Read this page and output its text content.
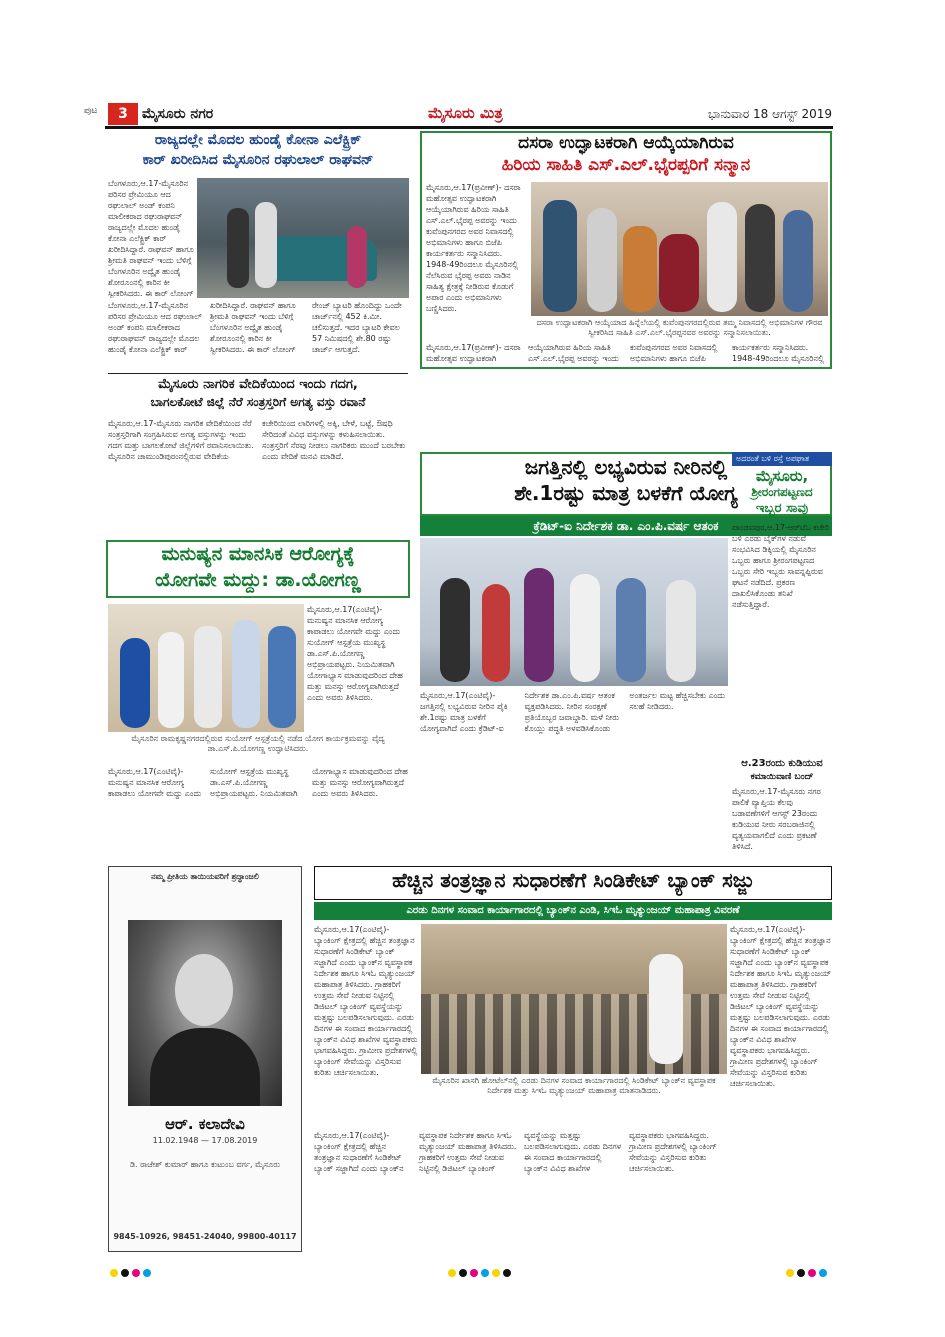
3
ಪುಟ	ಮೈಸೂರು ನಗರ	ಮೈಸೂರು ಮಿತ್ರ	ಭಾನುವಾರ 18 ಆಗಸ್ಟ್ 2019
ರಾಜ್ಯದಲ್ಲೇ ಮೊದಲ ಹುಂಡೈ ಕೋನಾ ಎಲೆಕ್ಟ್ರಿಕ್
ಕಾರ್ ಖರೀದಿಸಿದ ಮೈಸೂರಿನ ರಘುಲಾಲ್ ರಾಘವನ್
ಬೆಂಗಳೂರು,ಆ.17-ಮೈಸೂರಿನ ಪರಿಸರ ಪ್ರೇಮಿಯೂ ಆದ ರಘುಲಾಲ್ ಅಂಡ್ ಕಂಪನಿ ಮಾಲೀಕರಾದ ರಘುರಾಘವನ್ ರಾಜ್ಯದಲ್ಲೇ ಮೊದಲ ಹುಂಡೈ ಕೋನಾ ಎಲೆಕ್ಟ್ರಿಕ್ ಕಾರ್ ಖರೀದಿಸಿದ್ದಾರೆ. ರಾಘವನ್ ಹಾಗೂ ಶ್ರೀಮತಿ ರಾಘವನ್ ಇಂದು ಬೆಳಿಗ್ಗೆ ಬೆಂಗಳೂರಿನ ಅದ್ವೈತ ಹುಂಡೈ ಶೋರೂಂನಲ್ಲಿ ಕಾರಿನ ಕೀ ಸ್ವೀಕರಿಸಿದರು. ಈ ಕಾರ್ ಲೋಂಗ್
ಬೆಂಗಳೂರು,ಆ.17-ಮೈಸೂರಿನ ಪರಿಸರ ಪ್ರೇಮಿಯೂ ಆದ ರಘುಲಾಲ್ ಅಂಡ್ ಕಂಪನಿ ಮಾಲೀಕರಾದ ರಘುರಾಘವನ್ ರಾಜ್ಯದಲ್ಲೇ ಮೊದಲ ಹುಂಡೈ ಕೋನಾ ಎಲೆಕ್ಟ್ರಿಕ್ ಕಾರ್ ಖರೀದಿಸಿದ್ದಾರೆ. ರಾಘವನ್ ಹಾಗೂ ಶ್ರೀಮತಿ ರಾಘವನ್ ಇಂದು ಬೆಳಿಗ್ಗೆ ಬೆಂಗಳೂರಿನ ಅದ್ವೈತ ಹುಂಡೈ ಶೋರೂಂನಲ್ಲಿ ಕಾರಿನ ಕೀ ಸ್ವೀಕರಿಸಿದರು. ಈ ಕಾರ್ ಲೋಂಗ್ ರೇಂಜ್ ಬ್ಯಾಟರಿ ಹೊಂದಿದ್ದು ಒಂದೇ ಚಾರ್ಜ್‌ನಲ್ಲಿ 452 ಕಿ.ಮೀ. ಚಲಿಸುತ್ತದೆ. ಇದರ ಬ್ಯಾಟರಿ ಕೇವಲ 57 ನಿಮಿಷದಲ್ಲಿ ಶೇ.80 ರಷ್ಟು ಚಾರ್ಜ್ ಆಗುತ್ತದೆ.
ದಸರಾ ಉದ್ಘಾಟಕರಾಗಿ ಆಯ್ಕೆಯಾಗಿರುವ
ಹಿರಿಯ ಸಾಹಿತಿ ಎಸ್.ಎಲ್.ಭೈರಪ್ಪರಿಗೆ ಸನ್ಮಾನ
ಮೈಸೂರು,ಆ.17(ಪ್ರವೀಣ್)- ದಸರಾ ಮಹೋತ್ಸವ ಉದ್ಘಾಟಕರಾಗಿ ಆಯ್ಕೆಯಾಗಿರುವ ಹಿರಿಯ ಸಾಹಿತಿ ಎಸ್.ಎಲ್.ಭೈರಪ್ಪ ಅವರನ್ನು ಇಂದು ಕುವೆಂಪುನಗರದ ಅವರ ನಿವಾಸದಲ್ಲಿ ಅಭಿಮಾನಿಗಳು ಹಾಗೂ ಬಿಜೆಪಿ ಕಾರ್ಯಕರ್ತರು ಸನ್ಮಾನಿಸಿದರು. 1948-49ರಿಂದಲೂ ಮೈಸೂರಿನಲ್ಲಿ ನೆಲೆಸಿರುವ ಭೈರಪ್ಪ ಅವರು ನಾಡಿನ ಸಾಹಿತ್ಯ ಕ್ಷೇತ್ರಕ್ಕೆ ನೀಡಿರುವ ಕೊಡುಗೆ ಅಪಾರ ಎಂದು ಅಭಿಮಾನಿಗಳು ಬಣ್ಣಿಸಿದರು.
ದಸರಾ ಉದ್ಘಾಟಕರಾಗಿ ಆಯ್ಕೆಯಾದ ಹಿನ್ನೆಲೆಯಲ್ಲಿ ಕುವೆಂಪುನಗರದಲ್ಲಿರುವ ತಮ್ಮ ನಿವಾಸದಲ್ಲಿ ಅಭಿಮಾನಿಗಳ ಗೌರವ ಸ್ವೀಕರಿಸಿದ ಸಾಹಿತಿ ಎಸ್.ಎಲ್.ಭೈರಪ್ಪನವರ ಅವರನ್ನು ಸನ್ಮಾನಿಸಲಾಯಿತು.
ಮೈಸೂರು,ಆ.17(ಪ್ರವೀಣ್)- ದಸರಾ ಮಹೋತ್ಸವ ಉದ್ಘಾಟಕರಾಗಿ ಆಯ್ಕೆಯಾಗಿರುವ ಹಿರಿಯ ಸಾಹಿತಿ ಎಸ್.ಎಲ್.ಭೈರಪ್ಪ ಅವರನ್ನು ಇಂದು ಕುವೆಂಪುನಗರದ ಅವರ ನಿವಾಸದಲ್ಲಿ ಅಭಿಮಾನಿಗಳು ಹಾಗೂ ಬಿಜೆಪಿ ಕಾರ್ಯಕರ್ತರು ಸನ್ಮಾನಿಸಿದರು. 1948-49ರಿಂದಲೂ ಮೈಸೂರಿನಲ್ಲಿ
ಮೈಸೂರು ನಾಗರಿಕ ವೇದಿಕೆಯಿಂದ ಇಂದು ಗದಗ,
ಬಾಗಲಕೋಟೆ ಜಿಲ್ಲೆ ನೆರೆ ಸಂತ್ರಸ್ತರಿಗೆ ಅಗತ್ಯ ವಸ್ತು ರವಾನೆ
ಮೈಸೂರು,ಆ.17-ಮೈಸೂರು ನಾಗರಿಕ ವೇದಿಕೆಯಿಂದ ನೆರೆ ಸಂತ್ರಸ್ತರಿಗಾಗಿ ಸಂಗ್ರಹಿಸಿರುವ ಅಗತ್ಯ ವಸ್ತುಗಳನ್ನು ಇಂದು ಗದಗ ಮತ್ತು ಬಾಗಲಕೋಟೆ ಜಿಲ್ಲೆಗಳಿಗೆ ರವಾನಿಸಲಾಯಿತು. ಮೈಸೂರಿನ ಚಾಮುಂಡಿಪುರಂನಲ್ಲಿರುವ ವೇದಿಕೆಯ ಕಚೇರಿಯಿಂದ ಲಾರಿಗಳಲ್ಲಿ ಅಕ್ಕಿ, ಬೇಳೆ, ಬಟ್ಟೆ, ಔಷಧಿ ಸೇರಿದಂತೆ ವಿವಿಧ ವಸ್ತುಗಳನ್ನು ಕಳುಹಿಸಲಾಯಿತು. ಸಂತ್ರಸ್ತರಿಗೆ ನೆರವು ನೀಡಲು ನಾಗರಿಕರು ಮುಂದೆ ಬರಬೇಕು ಎಂದು ವೇದಿಕೆ ಮನವಿ ಮಾಡಿದೆ.
ಮನುಷ್ಯನ ಮಾನಸಿಕ ಆರೋಗ್ಯಕ್ಕೆ
ಯೋಗವೇ ಮದ್ದು: ಡಾ.ಯೋಗಣ್ಣ
ಮೈಸೂರು,ಆ.17(ಎಂಟಿವೈ)- ಮನುಷ್ಯನ ಮಾನಸಿಕ ಆರೋಗ್ಯ ಕಾಪಾಡಲು ಯೋಗವೇ ಮದ್ದು ಎಂದು ಸುಯೋಗ್ ಆಸ್ಪತ್ರೆಯ ಮುಖ್ಯಸ್ಥ ಡಾ.ಎಸ್.ಪಿ.ಯೋಗಣ್ಣ ಅಭಿಪ್ರಾಯಪಟ್ಟರು. ನಿಯಮಿತವಾಗಿ ಯೋಗಾಭ್ಯಾಸ ಮಾಡುವುದರಿಂದ ದೇಹ ಮತ್ತು ಮನಸ್ಸು ಆರೋಗ್ಯವಾಗಿರುತ್ತದೆ ಎಂದು ಅವರು ತಿಳಿಸಿದರು.
ಮೈಸೂರಿನ ರಾಮಕೃಷ್ಣನಗರದಲ್ಲಿರುವ ಸುಯೋಗ್ ಆಸ್ಪತ್ರೆಯಲ್ಲಿ ನಡೆದ ಯೋಗ ಕಾರ್ಯಕ್ರಮವನ್ನು ವೈದ್ಯ ಡಾ.ಎಸ್.ಪಿ.ಯೋಗಣ್ಣ ಉದ್ಘಾಟಿಸಿದರು.
ಮೈಸೂರು,ಆ.17(ಎಂಟಿವೈ)- ಮನುಷ್ಯನ ಮಾನಸಿಕ ಆರೋಗ್ಯ ಕಾಪಾಡಲು ಯೋಗವೇ ಮದ್ದು ಎಂದು ಸುಯೋಗ್ ಆಸ್ಪತ್ರೆಯ ಮುಖ್ಯಸ್ಥ ಡಾ.ಎಸ್.ಪಿ.ಯೋಗಣ್ಣ ಅಭಿಪ್ರಾಯಪಟ್ಟರು. ನಿಯಮಿತವಾಗಿ ಯೋಗಾಭ್ಯಾಸ ಮಾಡುವುದರಿಂದ ದೇಹ ಮತ್ತು ಮನಸ್ಸು ಆರೋಗ್ಯವಾಗಿರುತ್ತದೆ ಎಂದು ಅವರು ತಿಳಿಸಿದರು.
ಜಗತ್ತಿನಲ್ಲಿ ಲಭ್ಯವಿರುವ ನೀರಿನಲ್ಲಿ
ಶೇ.1ರಷ್ಟು ಮಾತ್ರ ಬಳಕೆಗೆ ಯೋಗ್ಯ
ಕ್ರೆಡಿಟ್-ಐ ನಿರ್ದೇಶಕ ಡಾ. ಎಂ.ಪಿ.ವರ್ಷ ಆತಂಕ
ಮೈಸೂರು,ಆ.17(ಎಂಟಿವೈ)-ಜಗತ್ತಿನಲ್ಲಿ ಲಭ್ಯವಿರುವ ನೀರಿನ ಪೈಕಿ ಶೇ.1ರಷ್ಟು ಮಾತ್ರ ಬಳಕೆಗೆ ಯೋಗ್ಯವಾಗಿದೆ ಎಂದು ಕ್ರೆಡಿಟ್-ಐ ನಿರ್ದೇಶಕ ಡಾ.ಎಂ.ಪಿ.ವರ್ಷ ಆತಂಕ ವ್ಯಕ್ತಪಡಿಸಿದರು. ನೀರಿನ ಸಂರಕ್ಷಣೆ ಪ್ರತಿಯೊಬ್ಬರ ಜವಾಬ್ದಾರಿ. ಮಳೆ ನೀರು ಕೊಯ್ಲು ಪದ್ಧತಿ ಅಳವಡಿಸಿಕೊಂಡು ಅಂತರ್ಜಲ ಮಟ್ಟ ಹೆಚ್ಚಿಸಬೇಕು ಎಂದು ಸಲಹೆ ನೀಡಿದರು.
ಅದರಂತೆ ಬಳಿ ರಸ್ತೆ ಅಪಘಾತ
ಮೈಸೂರು,
ಶ್ರೀರಂಗಪಟ್ಟಣದ
ಇಬ್ಬರ ಸಾವು
ಪಾಂಡವಪುರ,ಆ.17-ಆರ್‌ಟಿಓ ಕಚೇರಿ ಬಳಿ ಎರಡು ಬೈಕ್‌ಗಳ ನಡುವೆ ಸಂಭವಿಸಿದ ಡಿಕ್ಕಿಯಲ್ಲಿ ಮೈಸೂರಿನ ಒಬ್ಬರು ಹಾಗೂ ಶ್ರೀರಂಗಪಟ್ಟಣದ ಒಬ್ಬರು ಸೇರಿ ಇಬ್ಬರು ಸಾವನ್ನಪ್ಪಿರುವ ಘಟನೆ ನಡೆದಿದೆ. ಪ್ರಕರಣ ದಾಖಲಿಸಿಕೊಂಡು ತನಿಖೆ ನಡೆಸುತ್ತಿದ್ದಾರೆ.
ಆ.23ರಂದು ಕುಡಿಯುವ
ಕಮಾಯಿವಾಣಿ ಬಂದ್
ಮೈಸೂರು,ಆ.17-ಮೈಸೂರು ನಗರ ಪಾಲಿಕೆ ವ್ಯಾಪ್ತಿಯ ಕೆಲವು ಬಡಾವಣೆಗಳಿಗೆ ಆಗಸ್ಟ್ 23ರಂದು ಕುಡಿಯುವ ನೀರು ಸರಬರಾಜಿನಲ್ಲಿ ವ್ಯತ್ಯಯವಾಗಲಿದೆ ಎಂದು ಪ್ರಕಟಣೆ ತಿಳಿಸಿದೆ.
ಹೆಚ್ಚಿನ ತಂತ್ರಜ್ಞಾನ ಸುಧಾರಣೆಗೆ ಸಿಂಡಿಕೇಟ್ ಬ್ಯಾಂಕ್ ಸಜ್ಜು
ಎರಡು ದಿನಗಳ ಸಂವಾದ ಕಾರ್ಯಾಗಾರದಲ್ಲಿ ಬ್ಯಾಂಕ್‌ನ ಎಂಡಿ, ಸಿಇಓ ಮೃತ್ಯುಂಜಯ್ ಮಹಾಪಾತ್ರ ವಿವರಣೆ
ಮೈಸೂರು,ಆ.17(ಎಂಟಿವೈ)- ಬ್ಯಾಂಕಿಂಗ್ ಕ್ಷೇತ್ರದಲ್ಲಿ ಹೆಚ್ಚಿನ ತಂತ್ರಜ್ಞಾನ ಸುಧಾರಣೆಗೆ ಸಿಂಡಿಕೇಟ್ ಬ್ಯಾಂಕ್ ಸಜ್ಜಾಗಿದೆ ಎಂದು ಬ್ಯಾಂಕ್‌ನ ವ್ಯವಸ್ಥಾಪಕ ನಿರ್ದೇಶಕ ಹಾಗೂ ಸಿಇಓ ಮೃತ್ಯುಂಜಯ್ ಮಹಾಪಾತ್ರ ತಿಳಿಸಿದರು. ಗ್ರಾಹಕರಿಗೆ ಉತ್ತಮ ಸೇವೆ ನೀಡುವ ನಿಟ್ಟಿನಲ್ಲಿ ಡಿಜಿಟಲ್ ಬ್ಯಾಂಕಿಂಗ್ ವ್ಯವಸ್ಥೆಯನ್ನು ಮತ್ತಷ್ಟು ಬಲಪಡಿಸಲಾಗುವುದು. ಎರಡು ದಿನಗಳ ಈ ಸಂವಾದ ಕಾರ್ಯಾಗಾರದಲ್ಲಿ ಬ್ಯಾಂಕ್‌ನ ವಿವಿಧ ಶಾಖೆಗಳ ವ್ಯವಸ್ಥಾಪಕರು ಭಾಗವಹಿಸಿದ್ದರು. ಗ್ರಾಮೀಣ ಪ್ರದೇಶಗಳಲ್ಲಿ ಬ್ಯಾಂಕಿಂಗ್ ಸೇವೆಯನ್ನು ವಿಸ್ತರಿಸುವ ಕುರಿತು ಚರ್ಚಿಸಲಾಯಿತು.
ಮೈಸೂರಿನ ಖಾಸಗಿ ಹೋಟೆಲ್‌ನಲ್ಲಿ ಎರಡು ದಿನಗಳ ಸಂವಾದ ಕಾರ್ಯಾಗಾರದಲ್ಲಿ ಸಿಂಡಿಕೇಟ್ ಬ್ಯಾಂಕ್‌ನ ವ್ಯವಸ್ಥಾಪಕ ನಿರ್ದೇಶಕ ಮತ್ತು ಸಿಇಓ ಮೃತ್ಯುಂಜಯ್ ಮಹಾಪಾತ್ರ ಮಾತನಾಡಿದರು.
ಮೈಸೂರು,ಆ.17(ಎಂಟಿವೈ)- ಬ್ಯಾಂಕಿಂಗ್ ಕ್ಷೇತ್ರದಲ್ಲಿ ಹೆಚ್ಚಿನ ತಂತ್ರಜ್ಞಾನ ಸುಧಾರಣೆಗೆ ಸಿಂಡಿಕೇಟ್ ಬ್ಯಾಂಕ್ ಸಜ್ಜಾಗಿದೆ ಎಂದು ಬ್ಯಾಂಕ್‌ನ ವ್ಯವಸ್ಥಾಪಕ ನಿರ್ದೇಶಕ ಹಾಗೂ ಸಿಇಓ ಮೃತ್ಯುಂಜಯ್ ಮಹಾಪಾತ್ರ ತಿಳಿಸಿದರು. ಗ್ರಾಹಕರಿಗೆ ಉತ್ತಮ ಸೇವೆ ನೀಡುವ ನಿಟ್ಟಿನಲ್ಲಿ ಡಿಜಿಟಲ್ ಬ್ಯಾಂಕಿಂಗ್ ವ್ಯವಸ್ಥೆಯನ್ನು ಮತ್ತಷ್ಟು ಬಲಪಡಿಸಲಾಗುವುದು. ಎರಡು ದಿನಗಳ ಈ ಸಂವಾದ ಕಾರ್ಯಾಗಾರದಲ್ಲಿ ಬ್ಯಾಂಕ್‌ನ ವಿವಿಧ ಶಾಖೆಗಳ ವ್ಯವಸ್ಥಾಪಕರು ಭಾಗವಹಿಸಿದ್ದರು. ಗ್ರಾಮೀಣ ಪ್ರದೇಶಗಳಲ್ಲಿ ಬ್ಯಾಂಕಿಂಗ್ ಸೇವೆಯನ್ನು ವಿಸ್ತರಿಸುವ ಕುರಿತು ಚರ್ಚಿಸಲಾಯಿತು.
ಮೈಸೂರು,ಆ.17(ಎಂಟಿವೈ)- ಬ್ಯಾಂಕಿಂಗ್ ಕ್ಷೇತ್ರದಲ್ಲಿ ಹೆಚ್ಚಿನ ತಂತ್ರಜ್ಞಾನ ಸುಧಾರಣೆಗೆ ಸಿಂಡಿಕೇಟ್ ಬ್ಯಾಂಕ್ ಸಜ್ಜಾಗಿದೆ ಎಂದು ಬ್ಯಾಂಕ್‌ನ ವ್ಯವಸ್ಥಾಪಕ ನಿರ್ದೇಶಕ ಹಾಗೂ ಸಿಇಓ ಮೃತ್ಯುಂಜಯ್ ಮಹಾಪಾತ್ರ ತಿಳಿಸಿದರು. ಗ್ರಾಹಕರಿಗೆ ಉತ್ತಮ ಸೇವೆ ನೀಡುವ ನಿಟ್ಟಿನಲ್ಲಿ ಡಿಜಿಟಲ್ ಬ್ಯಾಂಕಿಂಗ್ ವ್ಯವಸ್ಥೆಯನ್ನು ಮತ್ತಷ್ಟು ಬಲಪಡಿಸಲಾಗುವುದು. ಎರಡು ದಿನಗಳ ಈ ಸಂವಾದ ಕಾರ್ಯಾಗಾರದಲ್ಲಿ ಬ್ಯಾಂಕ್‌ನ ವಿವಿಧ ಶಾಖೆಗಳ ವ್ಯವಸ್ಥಾಪಕರು ಭಾಗವಹಿಸಿದ್ದರು. ಗ್ರಾಮೀಣ ಪ್ರದೇಶಗಳಲ್ಲಿ ಬ್ಯಾಂಕಿಂಗ್ ಸೇವೆಯನ್ನು ವಿಸ್ತರಿಸುವ ಕುರಿತು ಚರ್ಚಿಸಲಾಯಿತು.
ನಮ್ಮ ಪ್ರೀತಿಯ ತಾಯಿಯವರಿಗೆ ಶ್ರದ್ಧಾಂಜಲಿ
ಆರ್. ಕಲಾದೇವಿ
11.02.1948 — 17.08.2019
ಡಿ. ರಾಜೇಶ್ ಕುಮಾರ್ ಹಾಗೂ ಕುಟುಂಬ ವರ್ಗ, ಮೈಸೂರು
9845-10926, 98451-24040, 99800-40117
